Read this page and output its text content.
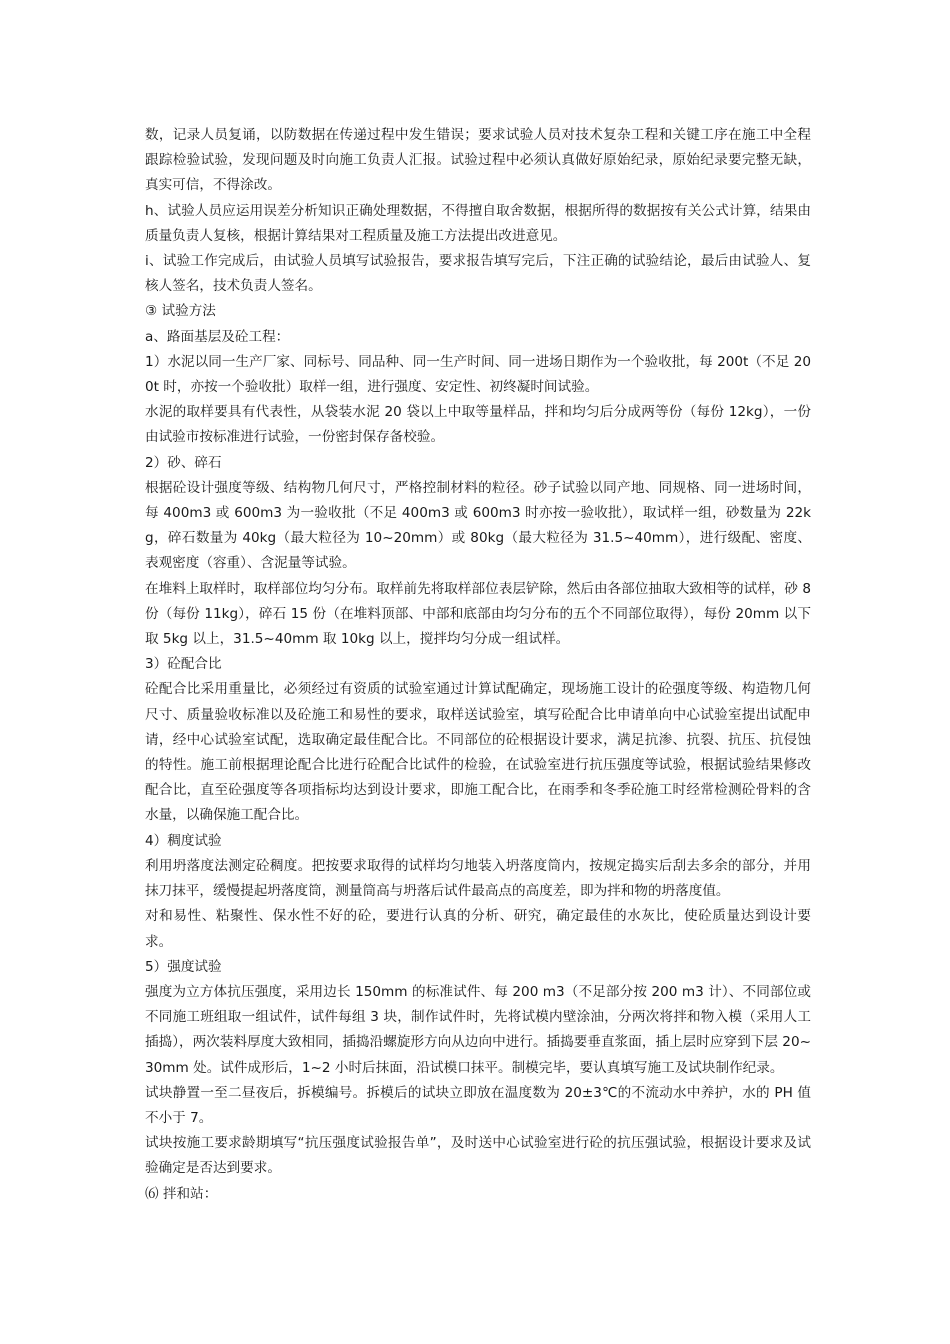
数，记录人员复诵，以防数据在传递过程中发生错误；要求试验人员对技术复杂工程和关键工序在施工中全程跟踪检验试验，发现问题及时向施工负责人汇报。试验过程中必须认真做好原始纪录，原始纪录要完整无缺，真实可信，不得涂改。

h、试验人员应运用误差分析知识正确处理数据，不得擅自取舍数据，根据所得的数据按有关公式计算，结果由质量负责人复核，根据计算结果对工程质量及施工方法提出改进意见。

i、试验工作完成后，由试验人员填写试验报告，要求报告填写完后，下注正确的试验结论，最后由试验人、复核人签名，技术负责人签名。

③ 试验方法

a、路面基层及砼工程：

1）水泥以同一生产厂家、同标号、同品种、同一生产时间、同一进场日期作为一个验收批，每 200t（不足 200t 时，亦按一个验收批）取样一组，进行强度、安定性、初终凝时间试验。

水泥的取样要具有代表性，从袋装水泥 20 袋以上中取等量样品，拌和均匀后分成两等份（每份 12kg），一份由试验市按标准进行试验，一份密封保存备校验。

2）砂、碎石

根据砼设计强度等级、结构物几何尺寸，严格控制材料的粒径。砂子试验以同产地、同规格、同一进场时间，每 400m3 或 600m3 为一验收批（不足 400m3 或 600m3 时亦按一验收批），取试样一组，砂数量为 22kg，碎石数量为 40kg（最大粒径为 10~20mm）或 80kg（最大粒径为 31.5~40mm），进行级配、密度、表观密度（容重）、含泥量等试验。

在堆料上取样时，取样部位均匀分布。取样前先将取样部位表层铲除，然后由各部位抽取大致相等的试样，砂 8 份（每份 11kg），碎石 15 份（在堆料顶部、中部和底部由均匀分布的五个不同部位取得），每份 20mm 以下取 5kg 以上，31.5~40mm 取 10kg 以上，搅拌均匀分成一组试样。

3）砼配合比

砼配合比采用重量比，必须经过有资质的试验室通过计算试配确定，现场施工设计的砼强度等级、构造物几何尺寸、质量验收标准以及砼施工和易性的要求，取样送试验室，填写砼配合比申请单向中心试验室提出试配申请，经中心试验室试配，选取确定最佳配合比。不同部位的砼根据设计要求，满足抗渗、抗裂、抗压、抗侵蚀的特性。施工前根据理论配合比进行砼配合比试件的检验，在试验室进行抗压强度等试验，根据试验结果修改配合比，直至砼强度等各项指标均达到设计要求，即施工配合比，在雨季和冬季砼施工时经常检测砼骨料的含水量，以确保施工配合比。

4）稠度试验

利用坍落度法测定砼稠度。把按要求取得的试样均匀地装入坍落度筒内，按规定捣实后刮去多余的部分，并用抹刀抹平，缓慢提起坍落度筒，测量筒高与坍落后试件最高点的高度差，即为拌和物的坍落度值。

对和易性、粘聚性、保水性不好的砼，要进行认真的分析、研究，确定最佳的水灰比，使砼质量达到设计要求。

5）强度试验

强度为立方体抗压强度，采用边长 150mm 的标准试件、每 200 m3（不足部分按 200 m3 计）、不同部位或不同施工班组取一组试件，试件每组 3 块，制作试件时，先将试模内壁涂油，分两次将拌和物入模（采用人工插捣），两次装料厚度大致相同，插捣沿螺旋形方向从边向中进行。插捣要垂直浆面，插上层时应穿到下层 20~30mm 处。试件成形后，1~2 小时后抹面，沿试模口抹平。制模完毕，要认真填写施工及试块制作纪录。

试块静置一至二昼夜后，拆模编号。拆模后的试块立即放在温度数为 20±3℃的不流动水中养护，水的 PH 值不小于 7。

试块按施工要求龄期填写“抗压强度试验报告单”，及时送中心试验室进行砼的抗压强试验，根据设计要求及试验确定是否达到要求。

⑹ 拌和站：
